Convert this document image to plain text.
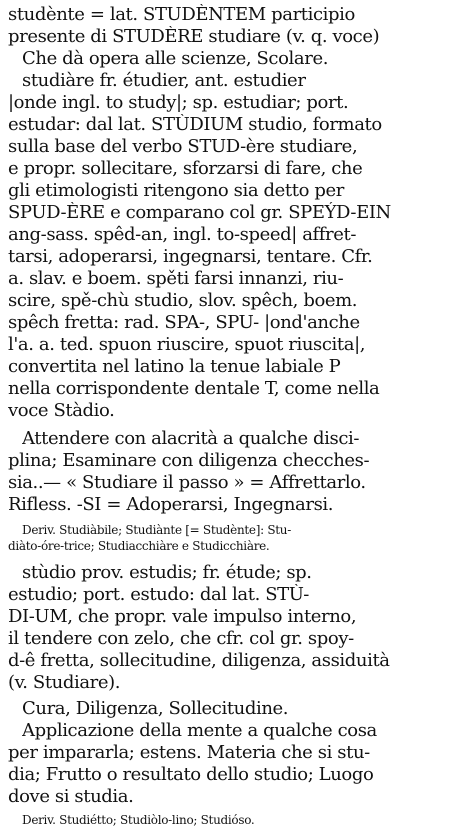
studènte = lat. STUDÈNTEM participio
presente di STUDÈRE studiare (v. q. voce)
Che dà opera alle scienze, Scolare.
studiàre fr. étudier, ant. estudier
|onde ingl. to study|; sp. estudiar; port.
estudar: dal lat. STÙDIUM studio, formato
sulla base del verbo STUD-ère studiare,
e propr. sollecitare, sforzarsi di fare, che
gli etimologisti ritengono sia detto per
SPUD-ÈRE e comparano col gr. SPEÝD-EIN
ang-sass. spêd-an, ingl. to-speed| affret-
tarsi, adoperarsi, ingegnarsi, tentare. Cfr.
a. slav. e boem. spěti farsi innanzi, riu-
scire, spě-chù studio, slov. spêch, boem.
spêch fretta: rad. SPA-, SPU- |ond'anche
l'a. a. ted. spuon riuscire, spuot riuscita|,
convertita nel latino la tenue labiale P
nella corrispondente dentale T, come nella
voce Stàdio.
Attendere con alacrità a qualche disci-
plina; Esaminare con diligenza checches-
sia..— « Studiare il passo » = Affrettarlo.
Rifless. -SI = Adoperarsi, Ingegnarsi.
Deriv. Studiàbile; Studiànte [= Studènte]: Stu-
diàto-óre-trice; Studiacchiàre e Studicchiàre.
stùdio prov. estudis; fr. étude; sp.
estudio; port. estudo: dal lat. STÙ-
DI-UM, che propr. vale impulso interno,
il tendere con zelo, che cfr. col gr. spoy-
d-ê fretta, sollecitudine, diligenza, assiduità
(v. Studiare).
Cura, Diligenza, Sollecitudine.
Applicazione della mente a qualche cosa
per impararla; estens. Materia che si stu-
dia; Frutto o resultato dello studio; Luogo
dove si studia.
Deriv. Studiétto; Studiòlo-lino; Studióso.
